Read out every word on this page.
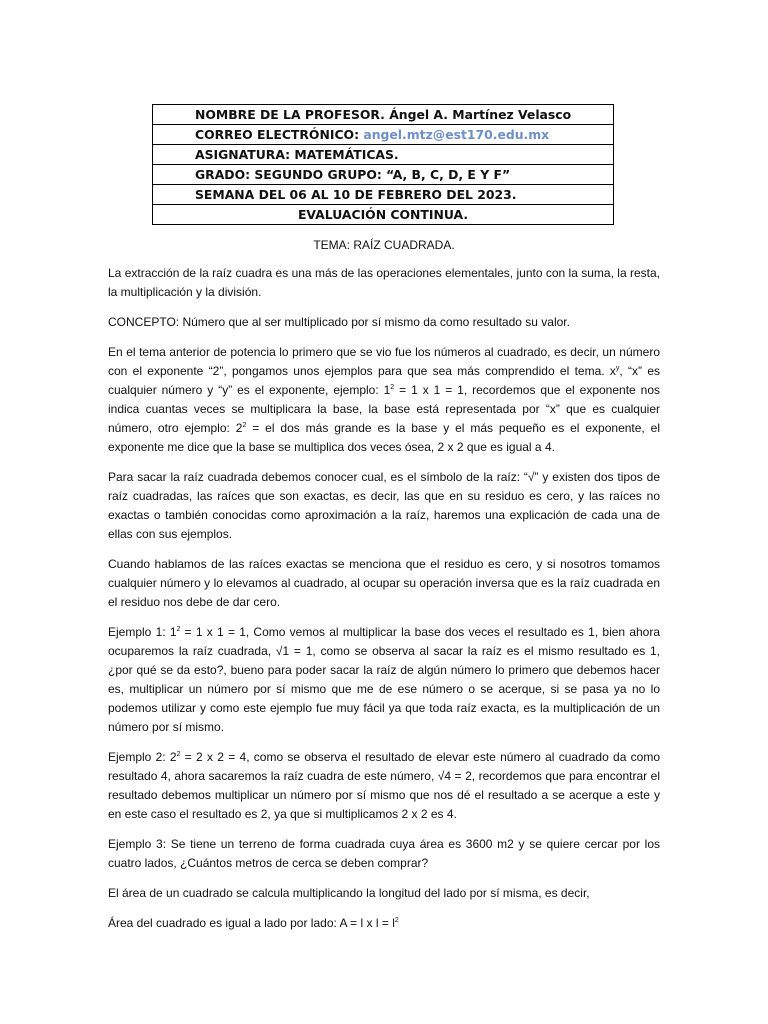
NOMBRE DE LA PROFESOR. Ángel A. Martínez Velasco
CORREO ELECTRÓNICO: angel.mtz@est170.edu.mx
ASIGNATURA: MATEMÁTICAS.
GRADO: SEGUNDO GRUPO: “A, B, C, D, E Y F”
SEMANA DEL 06 AL 10 DE FEBRERO DEL 2023.
EVALUACIÓN CONTINUA.
TEMA: RAÍZ CUADRADA.

La extracción de la raíz cuadra es una más de las operaciones elementales, junto con la suma, la resta, la multiplicación y la división.

CONCEPTO: Número que al ser multiplicado por sí mismo da como resultado su valor.

En el tema anterior de potencia lo primero que se vio fue los números al cuadrado, es decir, un número con el exponente “2”, pongamos unos ejemplos para que sea más comprendido el tema. $x^y$, “x” es cualquier número y “y” es el exponente, ejemplo: $1^2 = 1$ x 1 = 1, recordemos que el exponente nos indica cuantas veces se multiplicara la base, la base está representada por “x” que es cualquier número, otro ejemplo: $2^2$ = el dos más grande es la base y el más pequeño es el exponente, el exponente me dice que la base se multiplica dos veces ósea, 2 x 2 que es igual a 4.

Para sacar la raíz cuadrada debemos conocer cual, es el símbolo de la raíz: “√” y existen dos tipos de raíz cuadradas, las raíces que son exactas, es decir, las que en su residuo es cero, y las raíces no exactas o también conocidas como aproximación a la raíz, haremos una explicación de cada una de ellas con sus ejemplos.

Cuando hablamos de las raíces exactas se menciona que el residuo es cero, y si nosotros tomamos cualquier número y lo elevamos al cuadrado, al ocupar su operación inversa que es la raíz cuadrada en el residuo nos debe de dar cero.

Ejemplo 1: $1^2 = 1$ x 1 = 1, Como vemos al multiplicar la base dos veces el resultado es 1, bien ahora ocuparemos la raíz cuadrada, √1 = 1, como se observa al sacar la raíz es el mismo resultado es 1, ¿por qué se da esto?, bueno para poder sacar la raíz de algún número lo primero que debemos hacer es, multiplicar un número por sí mismo que me de ese número o se acerque, si se pasa ya no lo podemos utilizar y como este ejemplo fue muy fácil ya que toda raíz exacta, es la multiplicación de un número por sí mismo.

Ejemplo 2: $2^2 = 2$ x 2 = 4, como se observa el resultado de elevar este número al cuadrado da como resultado 4, ahora sacaremos la raíz cuadra de este número, √4 = 2, recordemos que para encontrar el resultado debemos multiplicar un número por sí mismo que nos dé el resultado a se acerque a este y en este caso el resultado es 2, ya que si multiplicamos 2 x 2 es 4.

Ejemplo 3: Se tiene un terreno de forma cuadrada cuya área es 3600 m2 y se quiere cercar por los cuatro lados, ¿Cuántos metros de cerca se deben comprar?

El área de un cuadrado se calcula multiplicando la longitud del lado por sí misma, es decir,

Área del cuadrado es igual a lado por lado: A = l x $l = l^2$
